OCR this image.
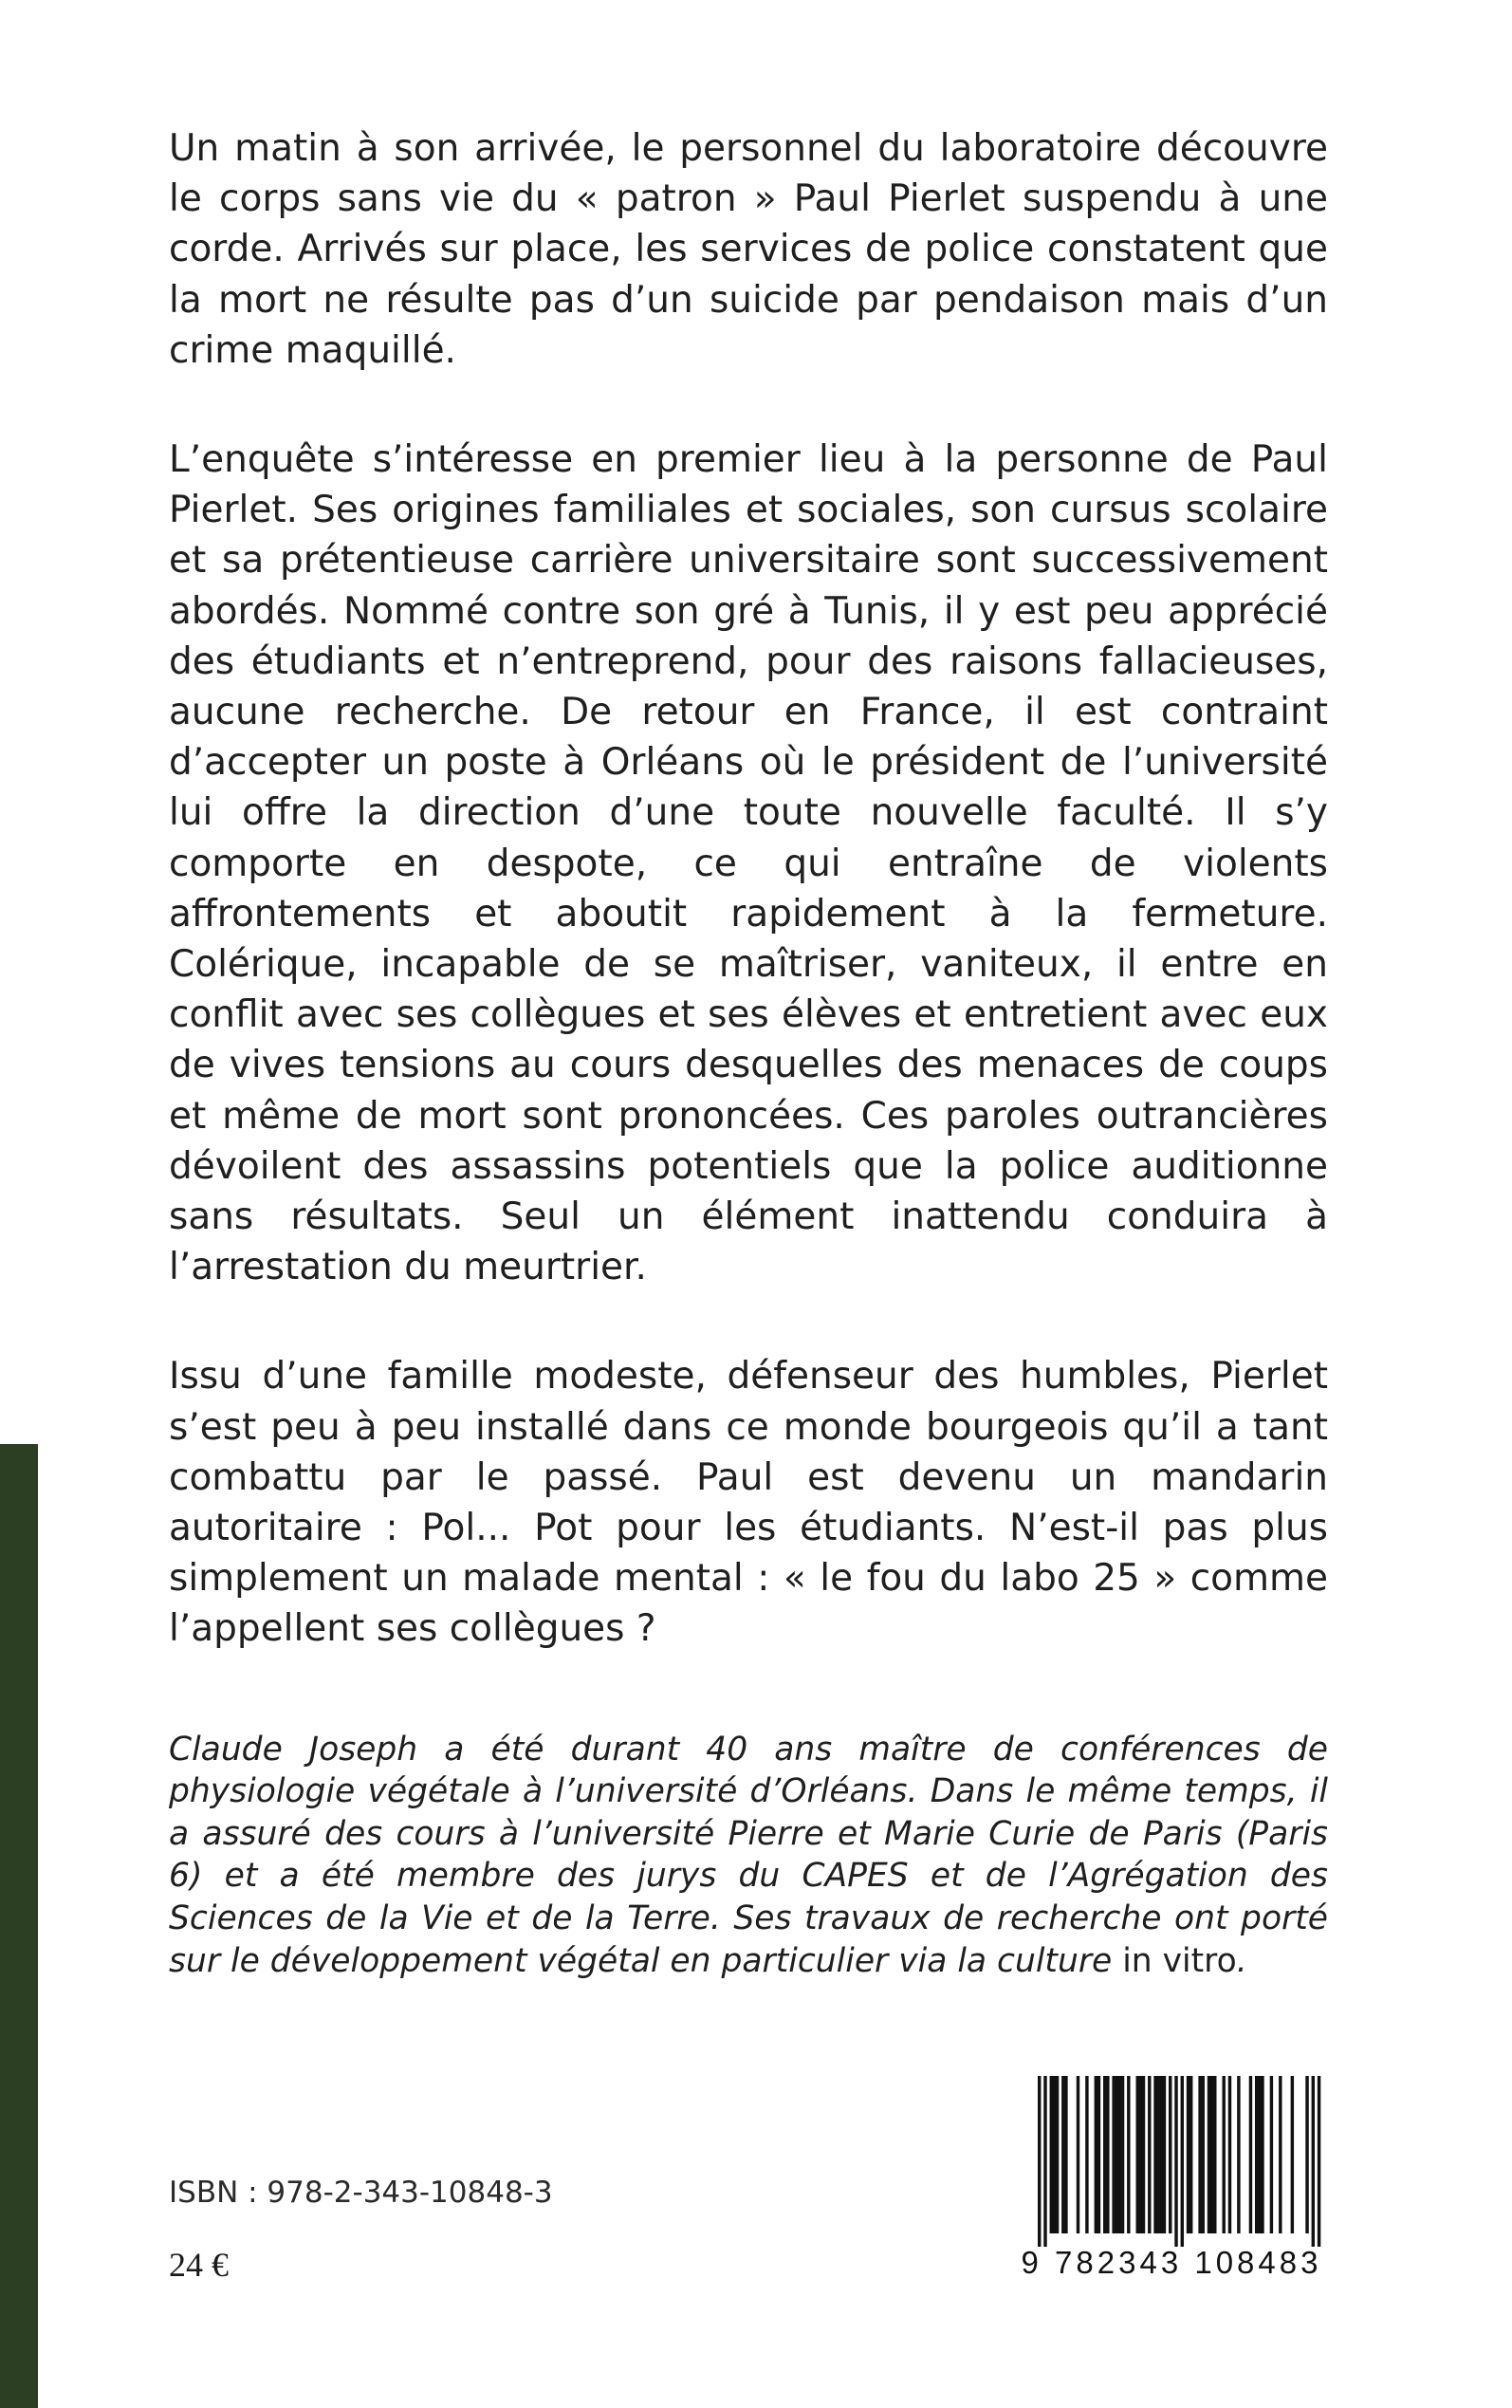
Un matin à son arrivée, le personnel du laboratoire découvre le corps sans vie du « patron » Paul Pierlet suspendu à une corde. Arrivés sur place, les services de police constatent que la mort ne résulte pas d’un suicide par pendaison mais d’un crime maquillé.

L’enquête s’intéresse en premier lieu à la personne de Paul Pierlet. Ses origines familiales et sociales, son cursus scolaire et sa prétentieuse carrière universitaire sont successivement abordés. Nommé contre son gré à Tunis, il y est peu apprécié des étudiants et n’entreprend, pour des raisons fallacieuses, aucune recherche. De retour en France, il est contraint d’accepter un poste à Orléans où le président de l’université lui offre la direction d’une toute nouvelle faculté. Il s’y comporte en despote, ce qui entraîne de violents affrontements et aboutit rapidement à la fermeture. Colérique, incapable de se maîtriser, vaniteux, il entre en conflit avec ses collègues et ses élèves et entretient avec eux de vives tensions au cours desquelles des menaces de coups et même de mort sont prononcées. Ces paroles outrancières dévoilent des assassins potentiels que la police auditionne sans résultats. Seul un élément inattendu conduira à l’arrestation du meurtrier.

Issu d’une famille modeste, défenseur des humbles, Pierlet s’est peu à peu installé dans ce monde bourgeois qu’il a tant combattu par le passé. Paul est devenu un mandarin autoritaire : Pol... Pot pour les étudiants. N’est-il pas plus simplement un malade mental : « le fou du labo 25 » comme l’appellent ses collègues ?

Claude Joseph a été durant 40 ans maître de conférences de physiologie végétale à l’université d’Orléans. Dans le même temps, il a assuré des cours à l’université Pierre et Marie Curie de Paris (Paris 6) et a été membre des jurys du CAPES et de l’Agrégation des Sciences de la Vie et de la Terre. Ses travaux de recherche ont porté sur le développement végétal en particulier via la culture in vitro.

ISBN : 978-2-343-10848-3
24 €	9 782343 108483
